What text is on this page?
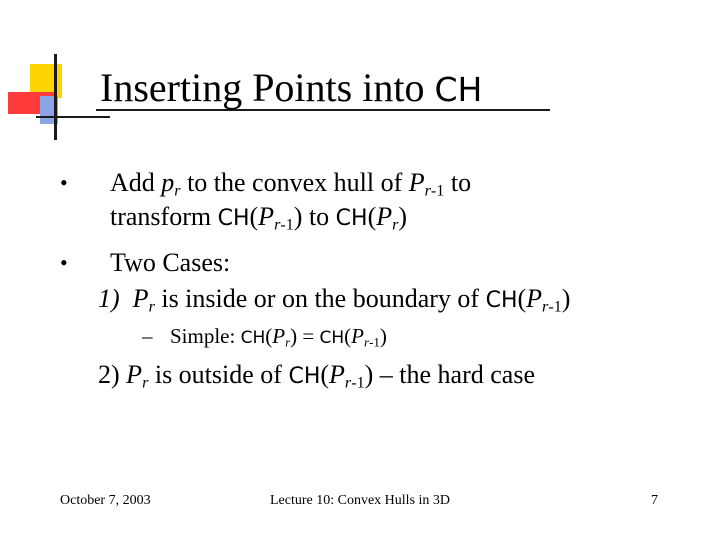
Inserting Points into CH
• Add $p_r$ to the convex hull of $P_{r-1}$ to
transform $CH(P_{r-1})$ to $CH(P_r)$
• Two Cases:
1) $P_r$ is inside or on the boundary of $CH(P_{r-1})$
– Simple: $CH(P_r) = CH(P_{r-1})$
2) $P_r$ is outside of $CH(P_{r-1})$ – the hard case
October 7, 2003	Lecture 10: Convex Hulls in 3D	7
